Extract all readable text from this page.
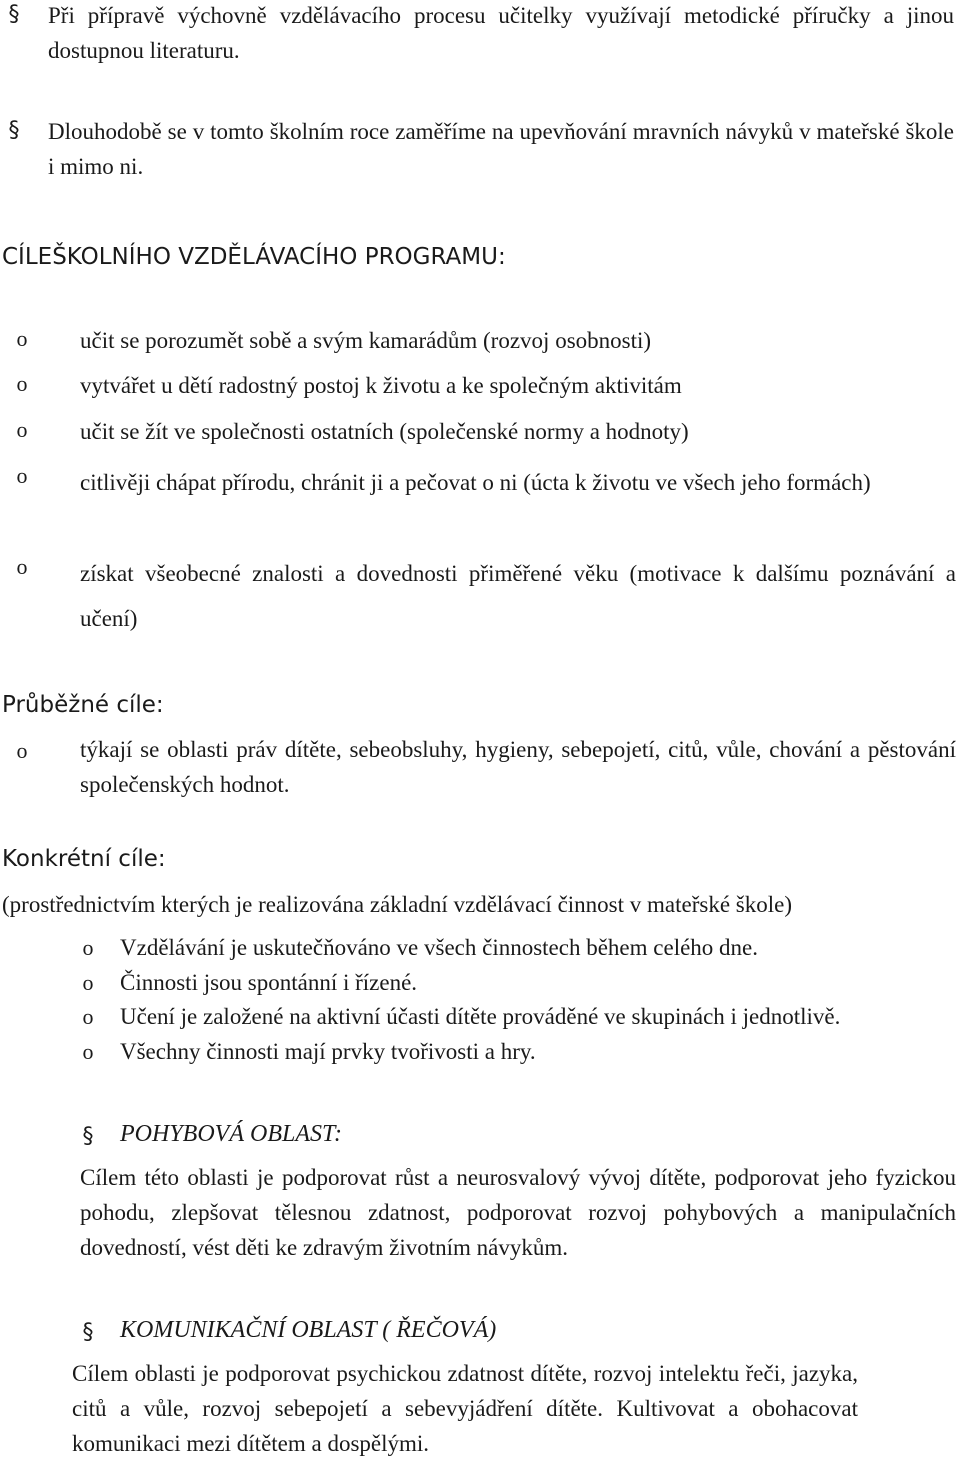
§ Při přípravě výchovně vzdělávacího procesu učitelky využívají metodické příručky a jinou dostupnou literaturu.
§ Dlouhodobě se v tomto školním roce zaměříme na upevňování mravních návyků v mateřské škole i mimo ni.
CÍLEŠKOLNÍHO VZDĚLÁVACÍHO PROGRAMU:
o učit se porozumět sobě a svým kamarádům (rozvoj osobnosti)
o vytvářet u dětí radostný postoj k životu a ke společným aktivitám
o učit se žít ve společnosti ostatních (společenské normy a hodnoty)
o citlivěji chápat přírodu, chránit ji a pečovat o ni (úcta k životu ve všech jeho formách)
o získat všeobecné znalosti a dovednosti přiměřené věku (motivace k dalšímu poznávání a učení)
Průběžné cíle:
o týkají se oblasti práv dítěte, sebeobsluhy, hygieny, sebepojetí, citů, vůle, chování a pěstování společenských hodnot.
Konkrétní cíle:
(prostřednictvím kterých je realizována základní vzdělávací činnost v mateřské škole)
o Vzdělávání je uskutečňováno ve všech činnostech během celého dne.
o Činnosti jsou spontánní i řízené.
o Učení je založené na aktivní účasti dítěte prováděné ve skupinách i jednotlivě.
o Všechny činnosti mají prvky tvořivosti a hry.
§ POHYBOVÁ OBLAST:
Cílem této oblasti je podporovat růst a neurosvalový vývoj dítěte, podporovat jeho fyzickou pohodu, zlepšovat tělesnou zdatnost, podporovat rozvoj pohybových a manipulačních dovedností, vést děti ke zdravým životním návykům.
§ KOMUNIKAČNÍ OBLAST ( ŘEČOVÁ)
Cílem oblasti je podporovat psychickou zdatnost dítěte, rozvoj intelektu řeči, jazyka, citů a vůle, rozvoj sebepojetí a sebevyjádření dítěte. Kultivovat a obohacovat komunikaci mezi dítětem a dospělými.
